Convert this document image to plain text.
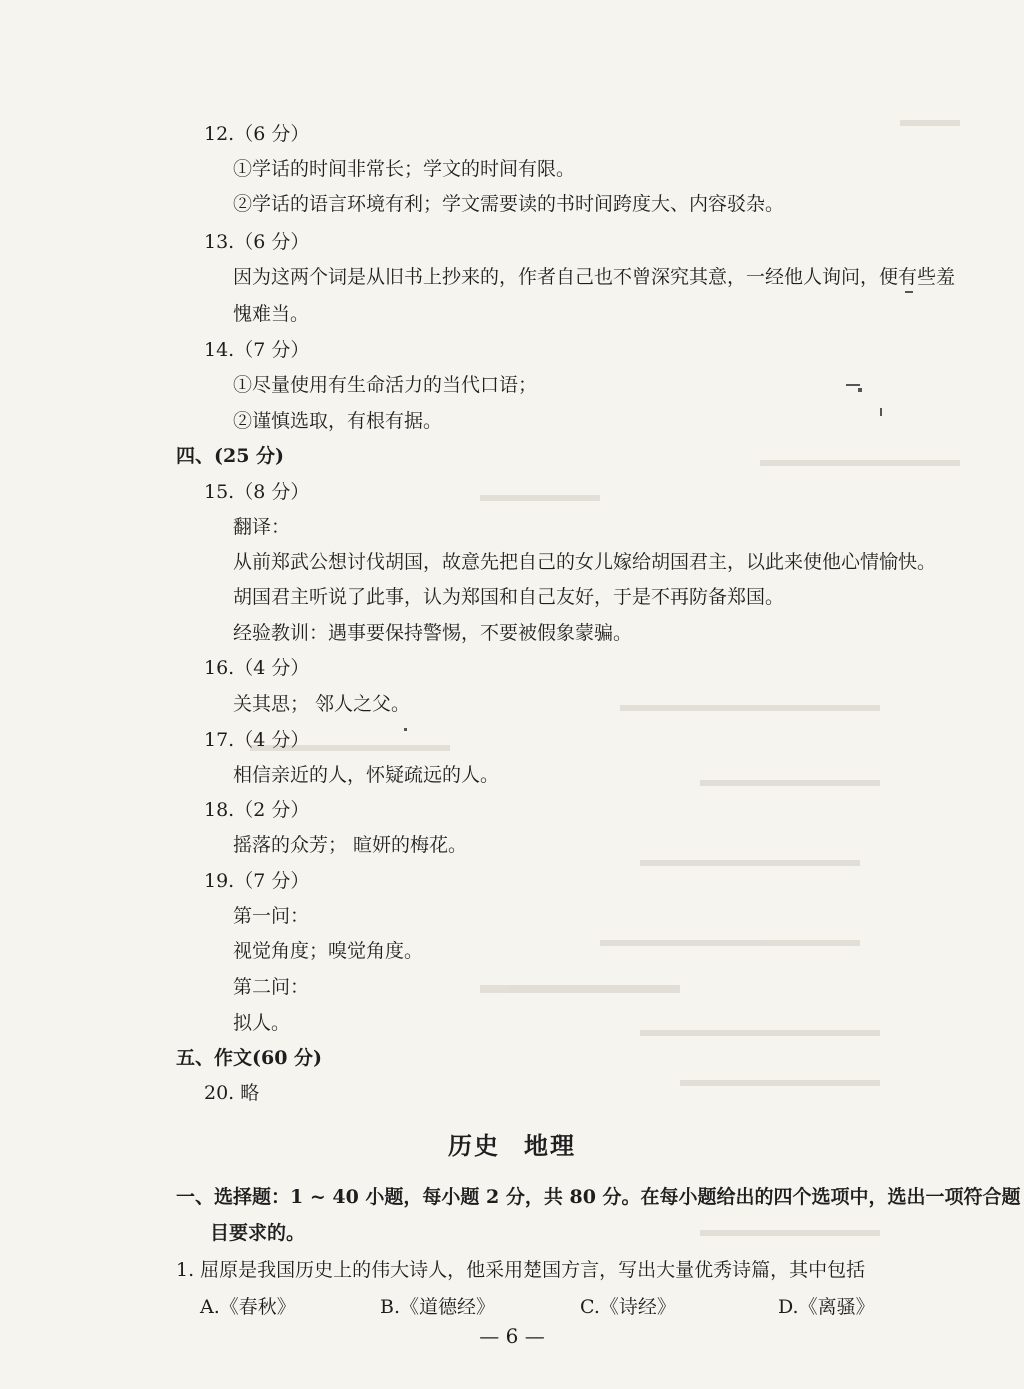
12.（6 分）
①学话的时间非常长；学文的时间有限。
②学话的语言环境有利；学文需要读的书时间跨度大、内容驳杂。
13.（6 分）
因为这两个词是从旧书上抄来的，作者自己也不曾深究其意，一经他人询问，便有些羞
愧难当。
14.（7 分）
①尽量使用有生命活力的当代口语；
②谨慎选取，有根有据。
四、(25 分)
15.（8 分）
翻译：
从前郑武公想讨伐胡国，故意先把自己的女儿嫁给胡国君主，以此来使他心情愉快。
胡国君主听说了此事，认为郑国和自己友好，于是不再防备郑国。
经验教训：遇事要保持警惕，不要被假象蒙骗。
16.（4 分）
关其思； 邻人之父。
17.（4 分）
相信亲近的人，怀疑疏远的人。
18.（2 分）
摇落的众芳； 暄妍的梅花。
19.（7 分）
第一问：
视觉角度；嗅觉角度。
第二问：
拟人。
五、作文(60 分)
20. 略
历史 地理
一、选择题：1 ~ 40 小题，每小题 2 分，共 80 分。在每小题给出的四个选项中，选出一项符合题
目要求的。
1. 屈原是我国历史上的伟大诗人，他采用楚国方言，写出大量优秀诗篇，其中包括
A.《春秋》	B.《道德经》	C.《诗经》	D.《离骚》
— 6 —
